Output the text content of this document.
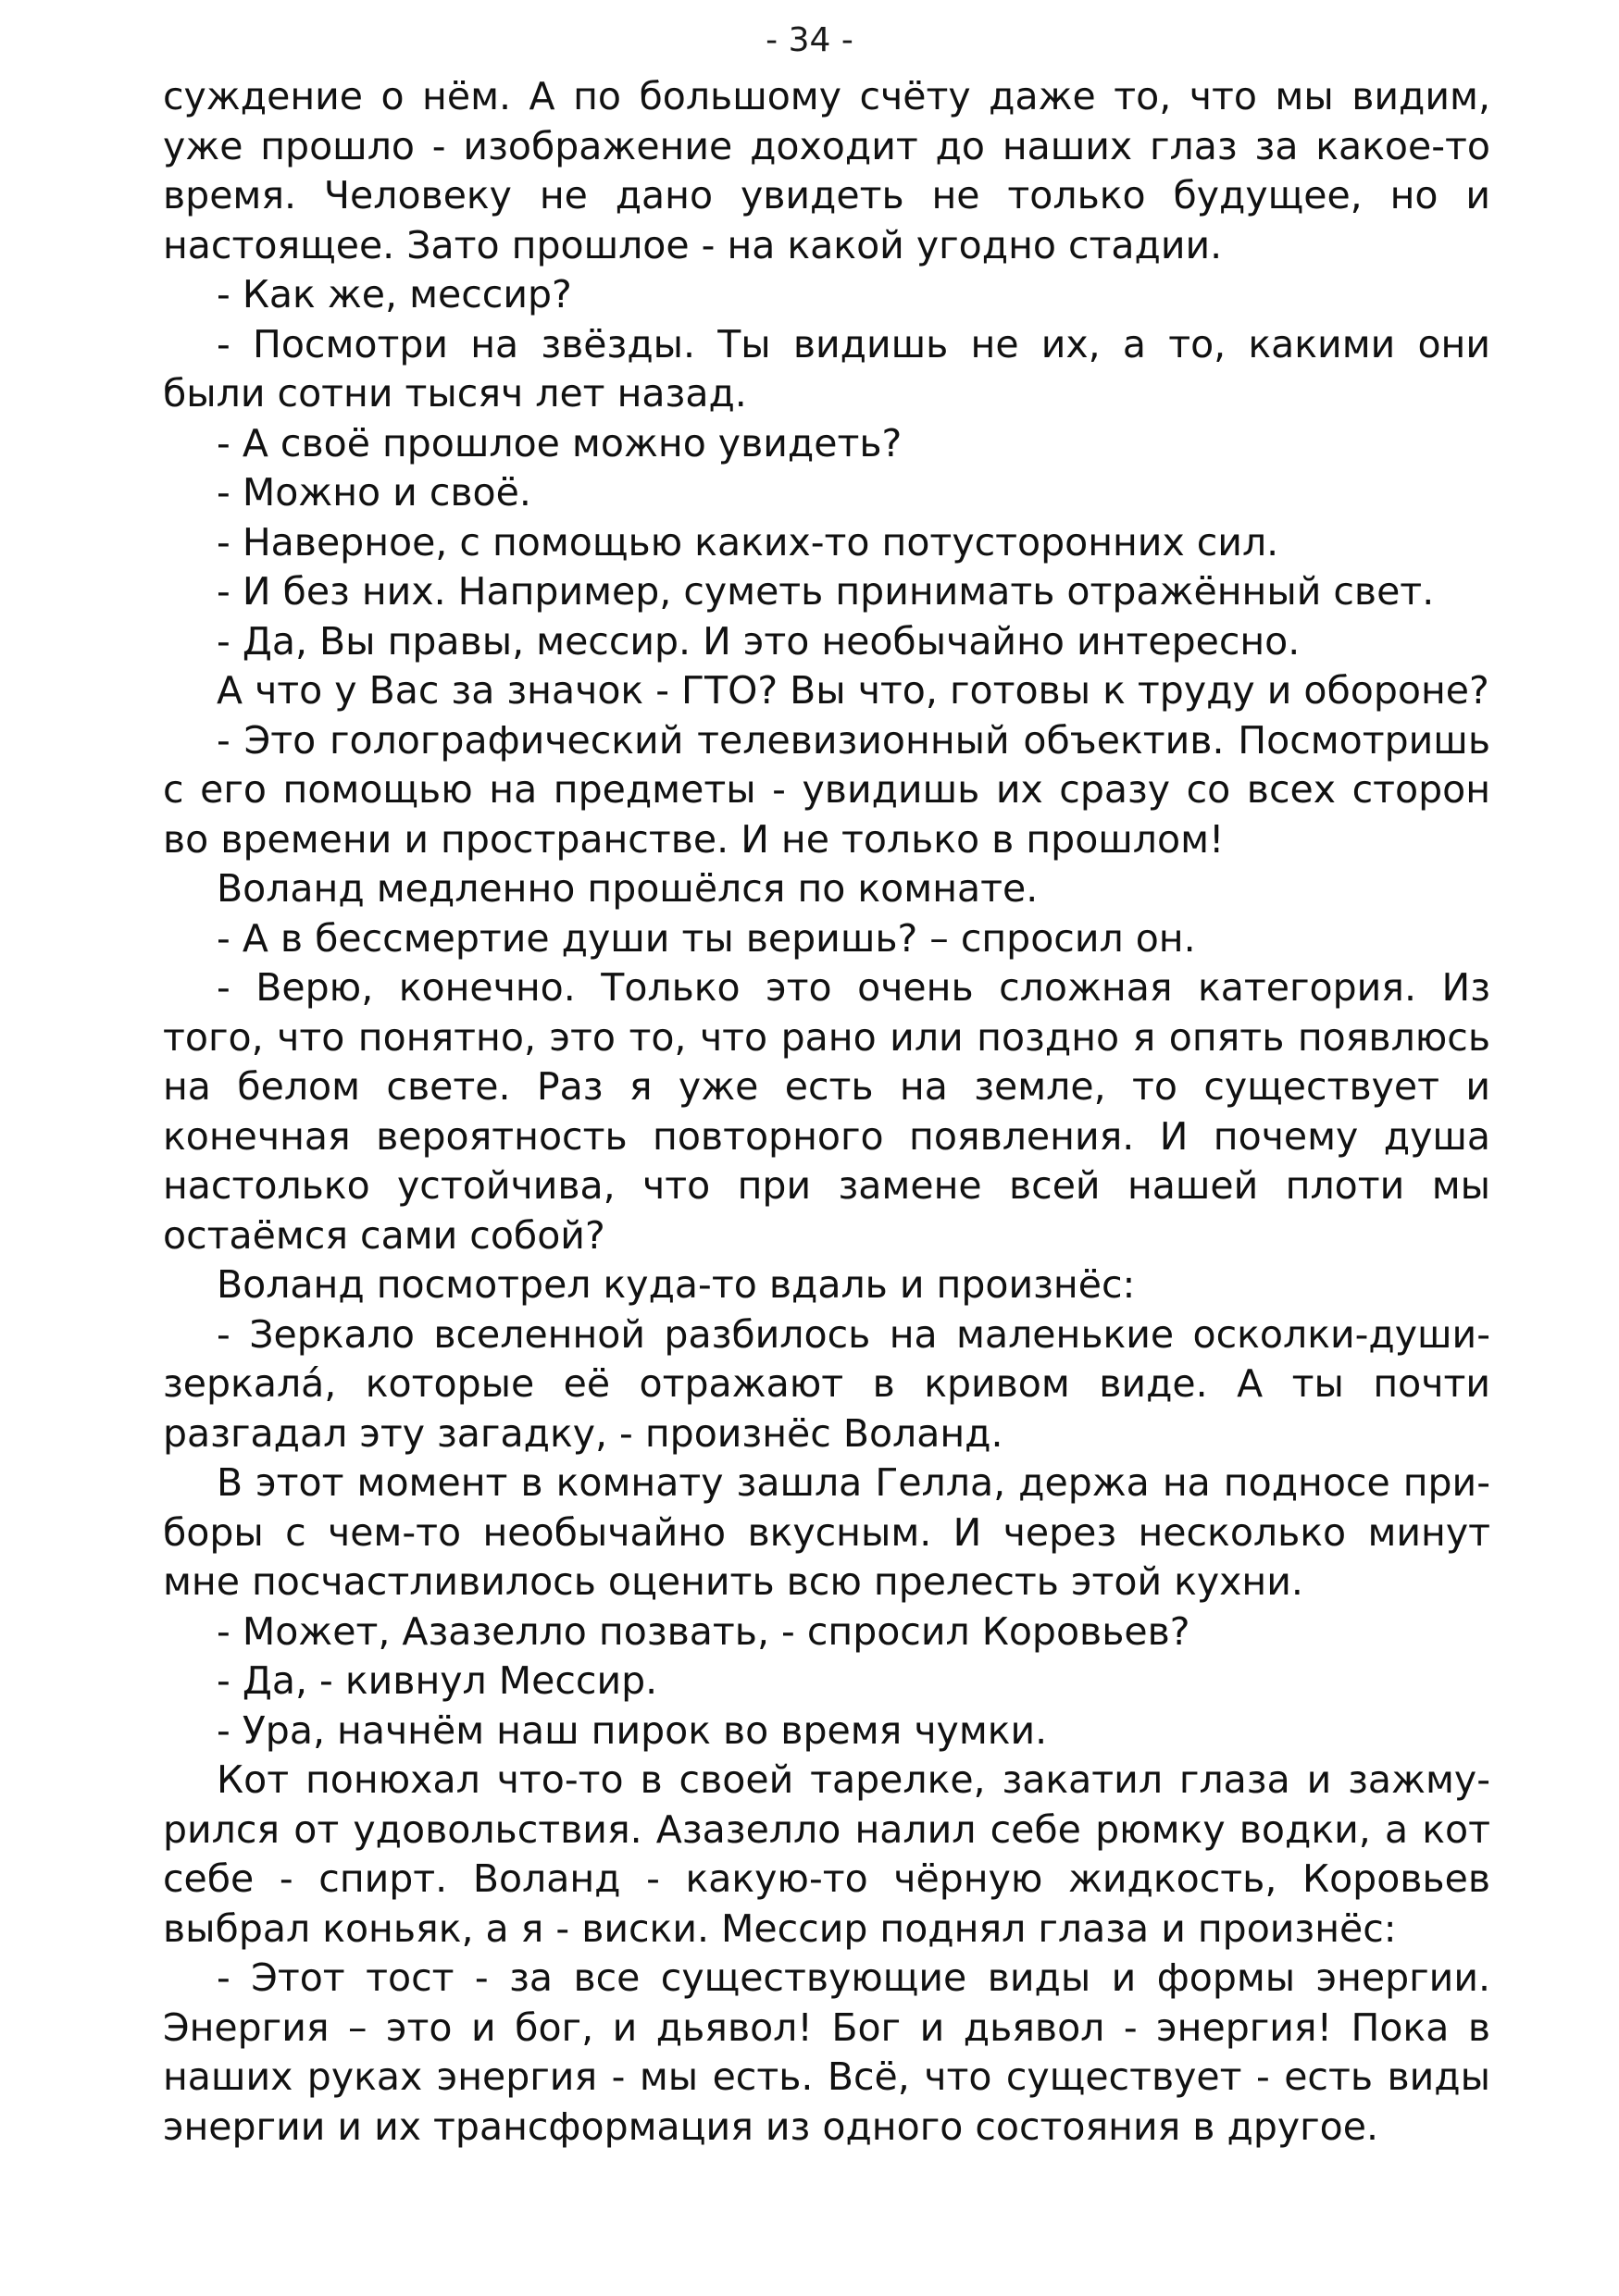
- 34 -

суждение о нём. А по большому счёту даже то, что мы видим, уже прошло - изображение доходит до наших глаз за какое-то время. Человеку не дано увидеть не только будущее, но и настоящее. Зато прошлое - на какой угодно стадии.

- Как же, мессир?

- Посмотри на звёзды. Ты видишь не их, а то, какими они были сотни тысяч лет назад.

- А своё прошлое можно увидеть?

- Можно и своё.

- Наверное, с помощью каких-то потусторонних сил.

- И без них. Например, суметь принимать отражённый свет.

- Да, Вы правы, мессир. И это необычайно интересно.

А что у Вас за значок - ГТО? Вы что, готовы к труду и обороне?

- Это голографический телевизионный объектив. Посмотришь с его помощью на предметы - увидишь их сразу со всех сторон во времени и пространстве. И не только в прошлом!

Воланд медленно прошёлся по комнате.

- А в бессмертие души ты веришь? – спросил он.

- Верю, конечно. Только это очень сложная категория. Из того, что понятно, это то, что рано или поздно я опять появлюсь на белом свете. Раз я уже есть на земле, то существует и конечная вероятность повторного появления. И почему душа настолько устойчива, что при замене всей нашей плоти мы остаёмся сами собой?

Воланд посмотрел куда-то вдаль и произнёс:

- Зеркало вселенной разбилось на маленькие осколки-души-зеркала́, которые её отражают в кривом виде. А ты почти разгадал эту загадку, - произнёс Воланд.

В этот момент в комнату зашла Гелла, держа на подносе приборы с чем-то необычайно вкусным. И через несколько минут мне посчастливилось оценить всю прелесть этой кухни.

- Может, Азазелло позвать, - спросил Коровьев?

- Да, - кивнул Мессир.

- Ура, начнём наш пирок во время чумки.

Кот понюхал что-то в своей тарелке, закатил глаза и зажмурился от удовольствия. Азазелло налил себе рюмку водки, а кот себе - спирт. Воланд - какую-то чёрную жидкость, Коровьев выбрал коньяк, а я - виски. Мессир поднял глаза и произнёс:

- Этот тост - за все существующие виды и формы энергии. Энергия – это и бог, и дьявол! Бог и дьявол - энергия! Пока в наших руках энергия - мы есть. Всё, что существует - есть виды энергии и их трансформация из одного состояния в другое.
